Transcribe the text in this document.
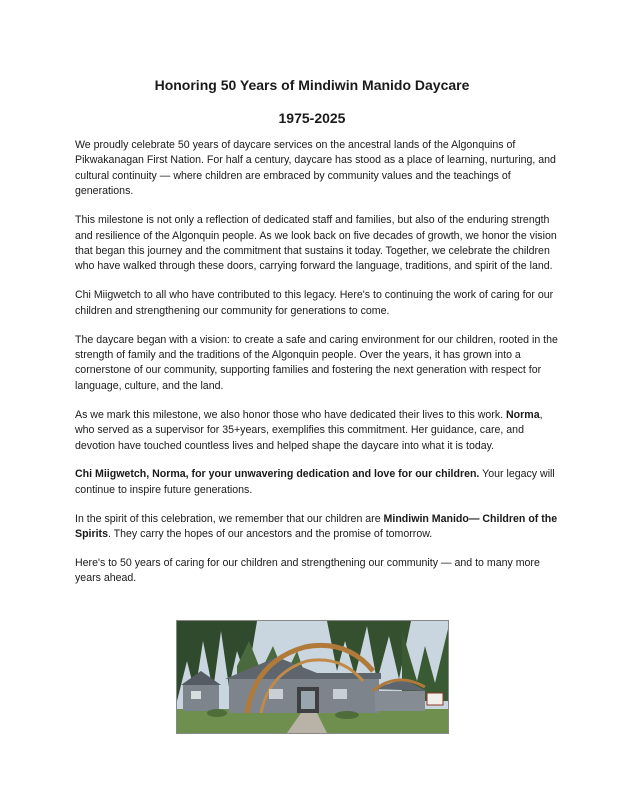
Honoring 50 Years of Mindiwin Manido Daycare
1975-2025

We proudly celebrate 50 years of daycare services on the ancestral lands of the Algonquins of Pikwakanagan First Nation. For half a century, daycare has stood as a place of learning, nurturing, and cultural continuity — where children are embraced by community values and the teachings of generations.

This milestone is not only a reflection of dedicated staff and families, but also of the enduring strength and resilience of the Algonquin people. As we look back on five decades of growth, we honor the vision that began this journey and the commitment that sustains it today. Together, we celebrate the children who have walked through these doors, carrying forward the language, traditions, and spirit of the land.

Chi Miigwetch to all who have contributed to this legacy. Here's to continuing the work of caring for our children and strengthening our community for generations to come.

The daycare began with a vision: to create a safe and caring environment for our children, rooted in the strength of family and the traditions of the Algonquin people. Over the years, it has grown into a cornerstone of our community, supporting families and fostering the next generation with respect for language, culture, and the land.

As we mark this milestone, we also honor those who have dedicated their lives to this work. Norma, who served as a supervisor for 35+years, exemplifies this commitment. Her guidance, care, and devotion have touched countless lives and helped shape the daycare into what it is today.

Chi Miigwetch, Norma, for your unwavering dedication and love for our children. Your legacy will continue to inspire future generations.

In the spirit of this celebration, we remember that our children are Mindiwin Manido— Children of the Spirits. They carry the hopes of our ancestors and the promise of tomorrow.

Here's to 50 years of caring for our children and strengthening our community — and to many more years ahead.
